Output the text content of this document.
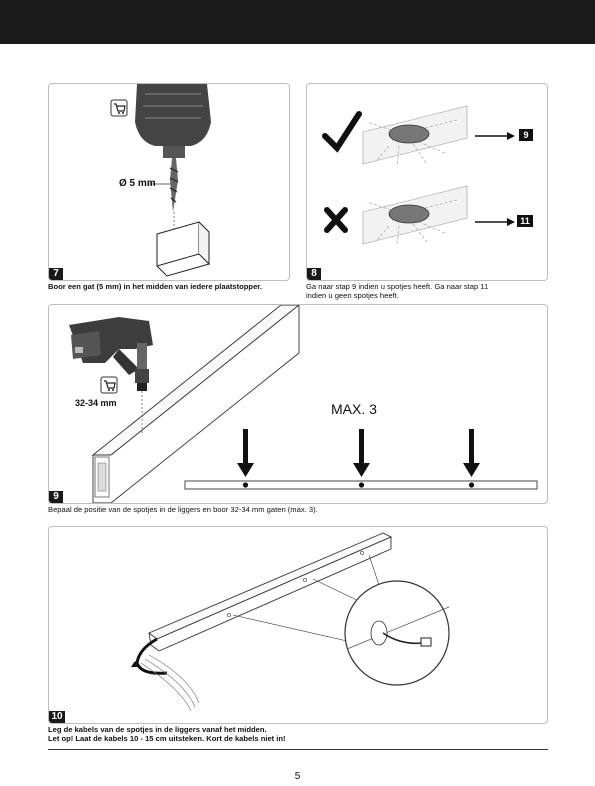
Ø 5 mm
7
Boor een gat (5 mm) in het midden van iedere plaatstopper.
9
11
8
Ga naar stap 9 indien u spotjes heeft. Ga naar stap 11
indien u geen spotjes heeft.
32-34 mm	MAX. 3
9
Bepaal de positie van de spotjes in de liggers en boor 32-34 mm gaten (max. 3).
10
Leg de kabels van de spotjes in de liggers vanaf het midden.
Let op! Laat de kabels 10 - 15 cm uitsteken. Kort de kabels niet in!
5
